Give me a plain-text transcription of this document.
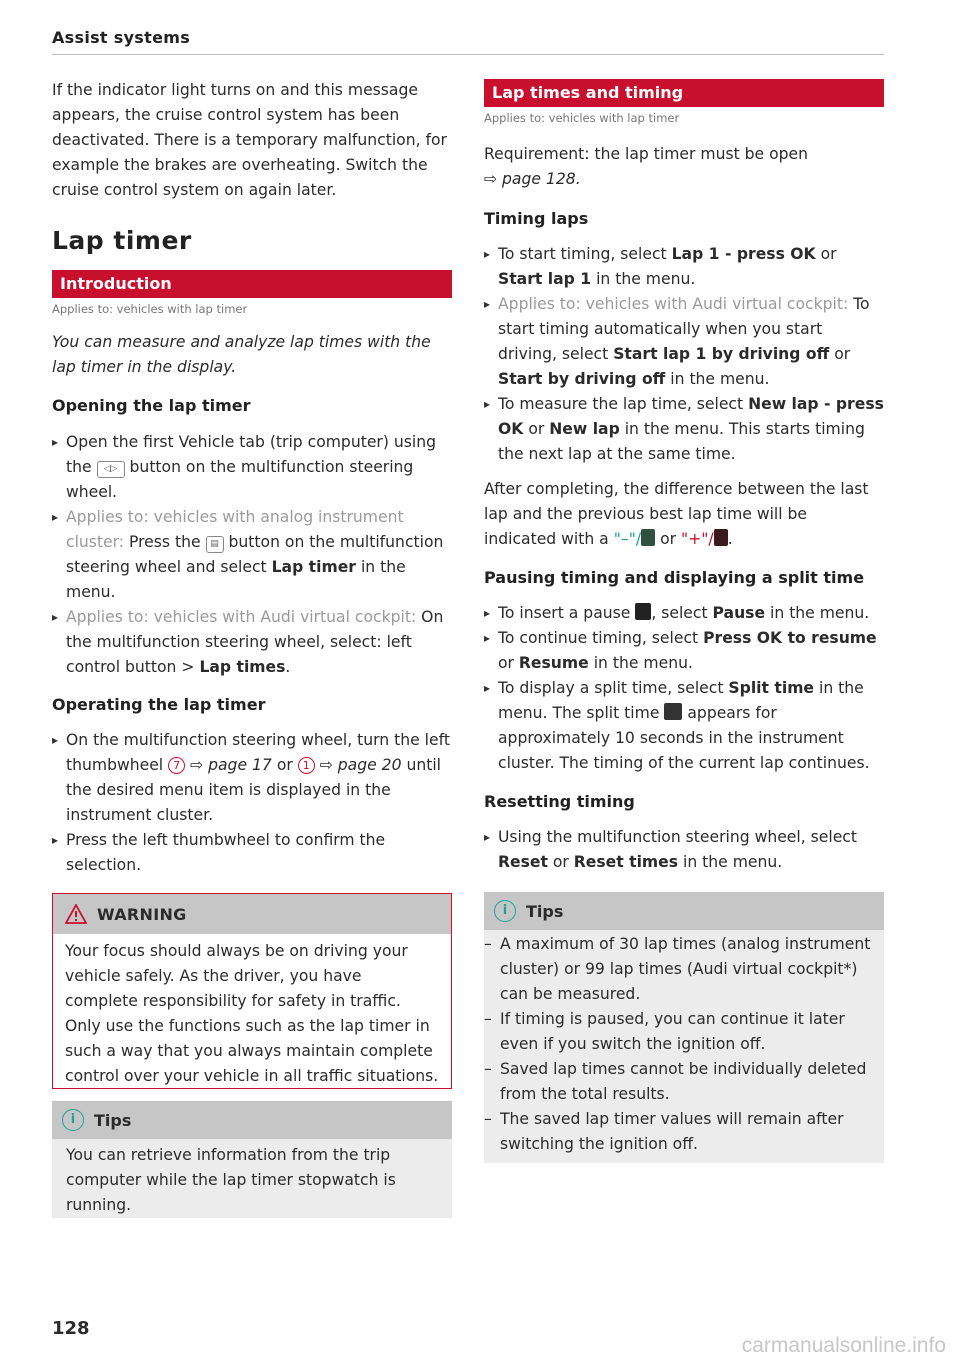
Assist systems

If the indicator light turns on and this message appears, the cruise control system has been deactivated. There is a temporary malfunction, for example the brakes are overheating. Switch the cruise control system on again later.

Lap timer
Introduction
Applies to: vehicles with lap timer

You can measure and analyze lap times with the lap timer in the display.

Opening the lap timer
▸ Open the first Vehicle tab (trip computer) using the ◁▷ button on the multifunction steering wheel.
▸ Applies to: vehicles with analog instrument cluster: Press the ▤ button on the multifunction steering wheel and select Lap timer in the menu.
▸ Applies to: vehicles with Audi virtual cockpit: On the multifunction steering wheel, select: left control button > Lap times.
Operating the lap timer
▸ On the multifunction steering wheel, turn the left thumbwheel 7 ⇨ page 17 or 1 ⇨ page 20 until the desired menu item is displayed in the instrument cluster.
▸ Press the left thumbwheel to confirm the selection.
WARNING
Your focus should always be on driving your vehicle safely. As the driver, you have complete responsibility for safety in traffic. Only use the functions such as the lap timer in such a way that you always maintain complete control over your vehicle in all traffic situations.
i	Tips
You can retrieve information from the trip computer while the lap timer stopwatch is running.
128
Lap times and timing
Applies to: vehicles with lap timer

Requirement: the lap timer must be open
⇨ page 128.

Timing laps
▸ To start timing, select Lap 1 - press OK or Start lap 1 in the menu.
▸ Applies to: vehicles with Audi virtual cockpit: To start timing automatically when you start driving, select Start lap 1 by driving off or Start by driving off in the menu.
▸ To measure the lap time, select New lap - press OK or New lap in the menu. This starts timing the next lap at the same time.

After completing, the difference between the last lap and the previous best lap time will be indicated with a "–"/ or "+"/ .

Pausing timing and displaying a split time
▸ To insert a pause , select Pause in the menu.
▸ To continue timing, select Press OK to resume or Resume in the menu.
▸ To display a split time, select Split time in the menu. The split time appears for approximately 10 seconds in the instrument cluster. The timing of the current lap continues.
Resetting timing
▸ Using the multifunction steering wheel, select Reset or Reset times in the menu.
i	Tips
– A maximum of 30 lap times (analog instrument cluster) or 99 lap times (Audi virtual cockpit*) can be measured.
– If timing is paused, you can continue it later even if you switch the ignition off.
– Saved lap times cannot be individually deleted from the total results.
– The saved lap timer values will remain after switching the ignition off.
carmanualsonline.info
